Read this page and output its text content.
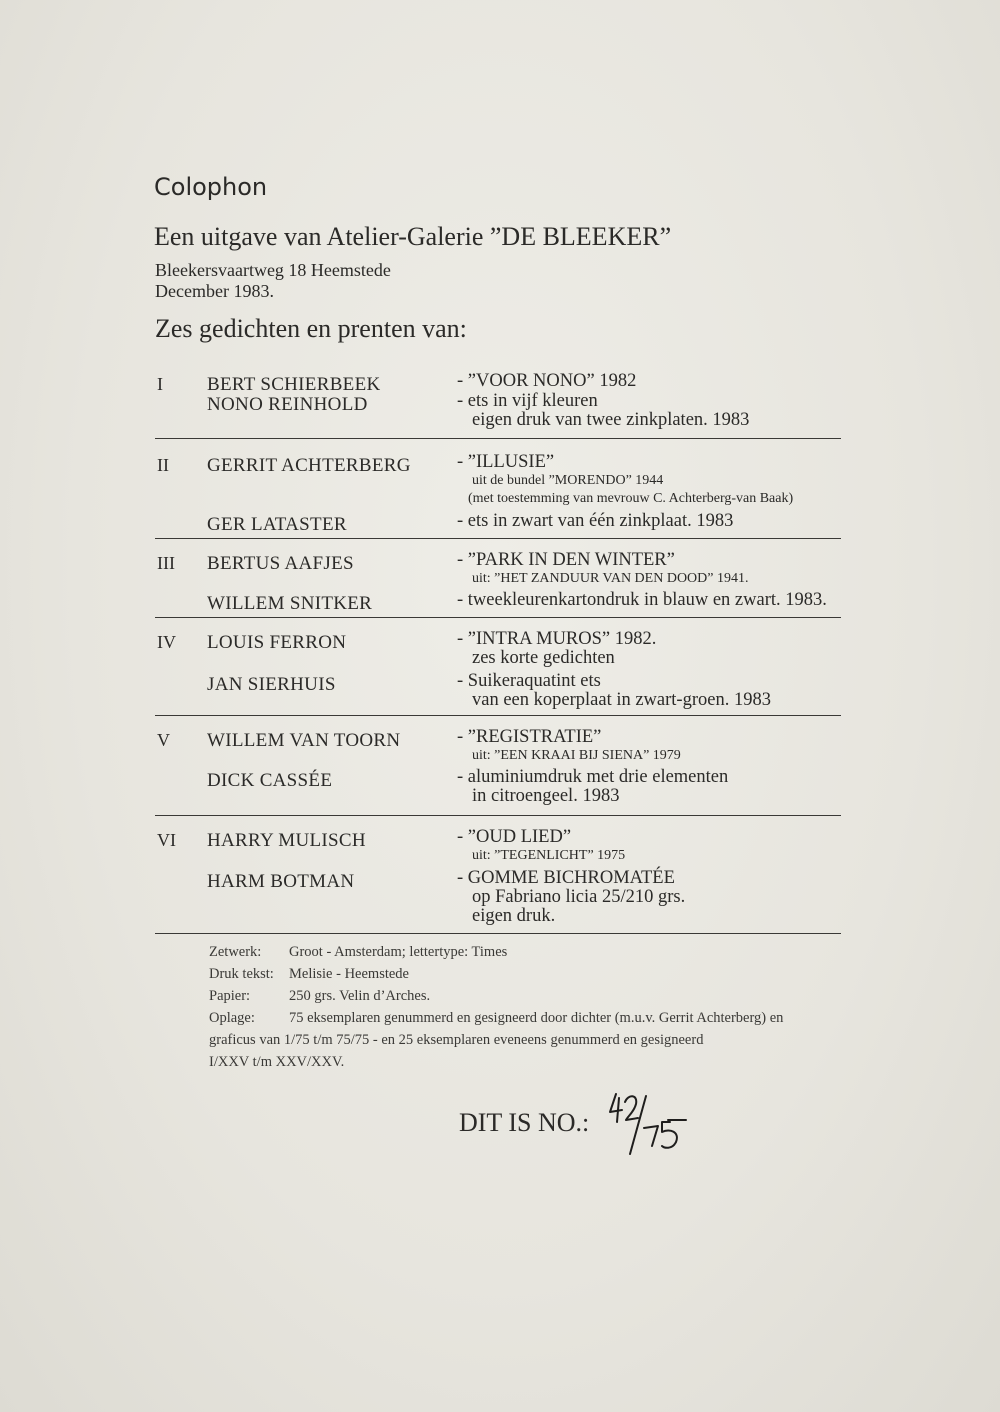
Colophon
Een uitgave van Atelier-Galerie ”DE BLEEKER”
Bleekersvaartweg 18 Heemstede
December 1983.
Zes gedichten en prenten van:
I BERT SCHIERBEEK	- ”VOOR NONO” 1982
NONO REINHOLD	- ets in vijf kleuren
eigen druk van twee zinkplaten. 1983
II GERRIT ACHTERBERG	- ”ILLUSIE”
uit de bundel ”MORENDO” 1944
(met toestemming van mevrouw C. Achterberg-van Baak)
GER LATASTER	- ets in zwart van één zinkplaat. 1983
III BERTUS AAFJES	- ”PARK IN DEN WINTER”
uit: ”HET ZANDUUR VAN DEN DOOD” 1941.
WILLEM SNITKER	- tweekleurenkartondruk in blauw en zwart. 1983.
IV LOUIS FERRON	- ”INTRA MUROS” 1982.
zes korte gedichten
JAN SIERHUIS	- Suikeraquatint ets
van een koperplaat in zwart-groen. 1983
V WILLEM VAN TOORN	- ”REGISTRATIE”
uit: ”EEN KRAAI BIJ SIENA” 1979
DICK CASSÉE	- aluminiumdruk met drie elementen
in citroengeel. 1983
VI HARRY MULISCH	- ”OUD LIED”
uit: ”TEGENLICHT” 1975
HARM BOTMAN	- GOMME BICHROMATÉE
op Fabriano licia 25/210 grs.
eigen druk.
Zetwerk: Groot - Amsterdam; lettertype: Times
Druk tekst: Melisie - Heemstede
Papier:	250 grs. Velin d’Arches.
Oplage: 75 eksemplaren genummerd en gesigneerd door dichter (m.u.v. Gerrit Achterberg) en
graficus van 1/75 t/m 75/75 - en 25 eksemplaren eveneens genummerd en gesigneerd
I/XXV t/m XXV/XXV.
DIT IS NO.:
